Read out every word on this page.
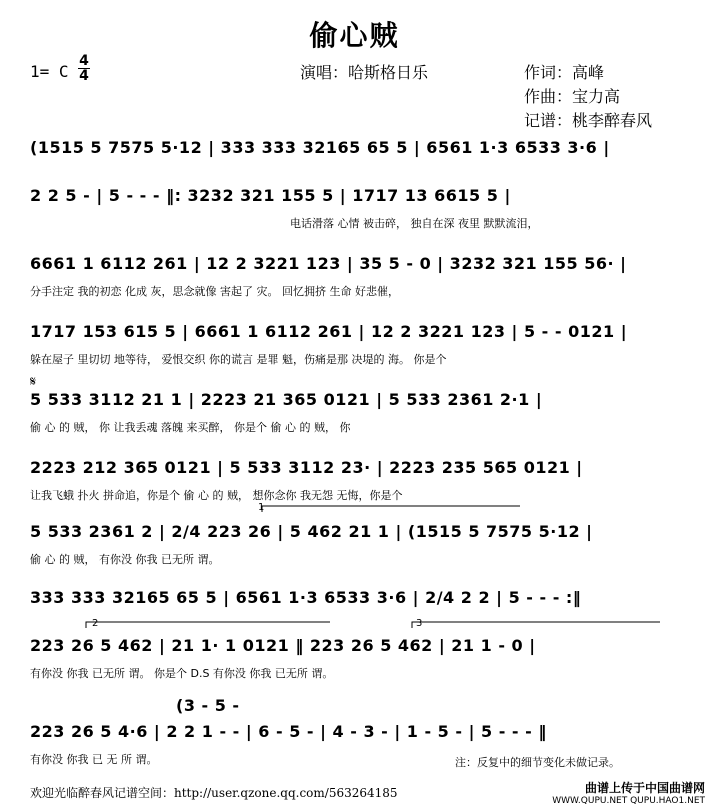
偷心贼
1= C
4
4	演唱：哈斯格日乐	作词：高峰
作曲：宝力高
记谱：桃李醉春风
(1515 5 7575 5·12 | 333 333 32165 65 5 | 6561 1·3 6533 3·6 |
2 2 5 - | 5 - - - ‖: 3232 321 155 5 | 1717 13 6615 5 |
电话滑落 心情 被击碎， 独自在深 夜里 默默流泪，
6661 1 6112 261 | 12 2 3221 123 | 35 5 - 0 | 3232 321 155 56· |
分手注定 我的初恋 化成 灰，思念就像 害起了 灾。 回忆拥挤 生命 好悲催，
1717 153 615 5 | 6661 1 6112 261 | 12 2 3221 123 | 5 - - 0121 |
躲在屋子 里切切 地等待， 爱恨交织 你的谎言 是罪 魁，伤痛是那 决堤的 海。 你是个
𝄋
5 533 3112 21 1 | 2223 21 365 0121 | 5 533 2361 2·1 |
偷 心 的 贼， 你 让我丢魂 落魄 来买醉， 你是个 偷 心 的 贼， 你
2223 212 365 0121 | 5 533 3112 23· | 2223 235 565 0121 |
让我飞蛾 扑火 拼命追，你是个 偷 心 的 贼， 想你念你 我无怨 无悔，你是个
1
5 533 2361 2 | 2/4 223 26 | 5 462 21 1 | (1515 5 7575 5·12 |
偷 心 的 贼， 有你没 你我 已无所 谓。
333 333 32165 65 5 | 6561 1·3 6533 3·6 | 2/4 2 2 | 5 - - - :‖
2	3
223 26 5 462 | 21 1· 1 0121 ‖ 223 26 5 462 | 21 1 - 0 |
有你没 你我 已无所 谓。 你是个 D.S 有你没 你我 已无所 谓。
(3 - 5 -
223 26 5 4·6 | 2 2 1 - - | 6 - 5 - | 4 - 3 - | 1 - 5 - | 5 - - - ‖
有你没 你我 已 无 所 谓。	注：反复中的细节变化未做记录。
欢迎光临醉春风记谱空间：http://user.qzone.qq.com/563264185	曲谱上传于中国曲谱网
WWW.QUPU.NET QUPU.HAO1.NET
